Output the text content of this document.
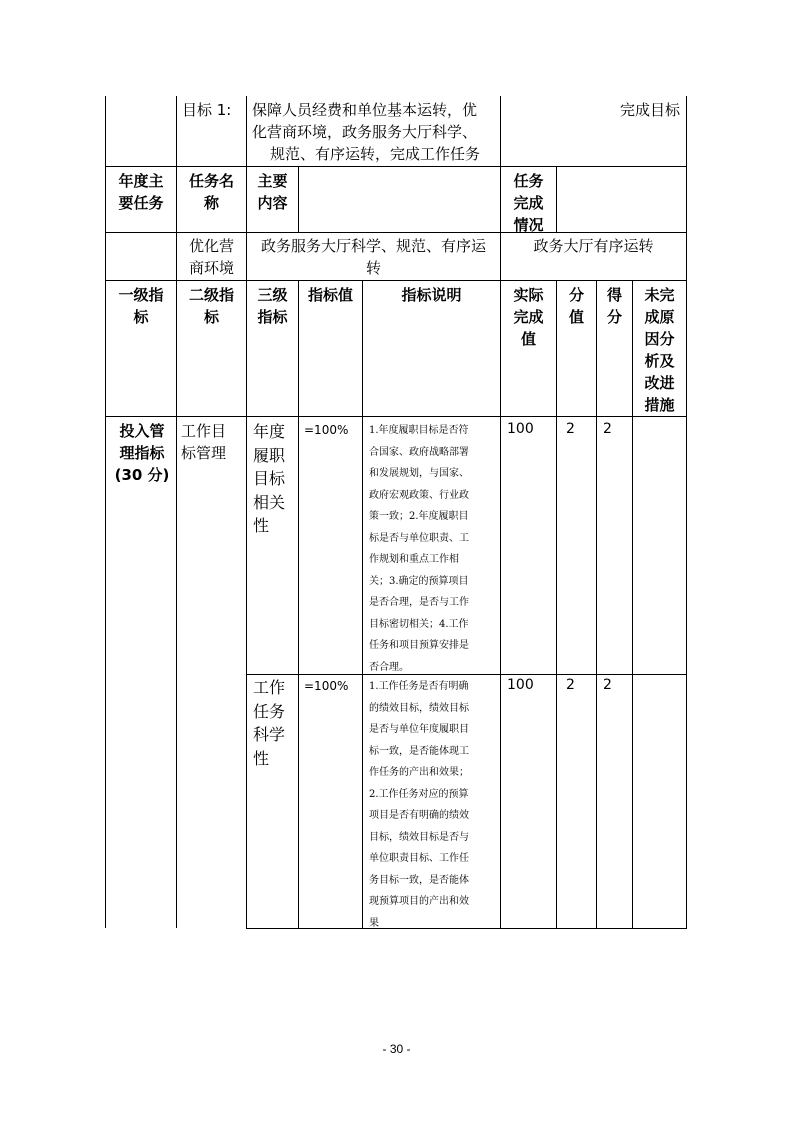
目标 1: 保障人员经费和单位基本运转，优
化营商环境，政务服务大厅科学、
规范、有序运转，完成工作任务
完成目标
年度主
要任务
任务名
称
主要
内容
任务
完成
情况
优化营
商环境
政务服务大厅科学、规范、有序运
转
政务大厅有序运转
一级指
标
二级指
标
三级
指标
指标值	指标说明	实际
完成
值
分
值
得
分
未完
成原
因分
析及
改进
措施
投入管
理指标
(30 分)
工作目
标管理
年度
履职
目标
相关
性
=100% 1.年度履职目标是否符
合国家、政府战略部署
和发展规划，与国家、
政府宏观政策、行业政
策一致；2.年度履职目
标是否与单位职责、工
作规划和重点工作相
关；3.确定的预算项目
是否合理，是否与工作
目标密切相关；4.工作
任务和项目预算安排是
否合理。
100 2 2
工作
任务
科学
性
=100% 1.工作任务是否有明确
的绩效目标，绩效目标
是否与单位年度履职目
标一致，是否能体现工
作任务的产出和效果；
2.工作任务对应的预算
项目是否有明确的绩效
目标，绩效目标是否与
单位职责目标、工作任
务目标一致，是否能体
现预算项目的产出和效
果
100 2 2
- 30 -
